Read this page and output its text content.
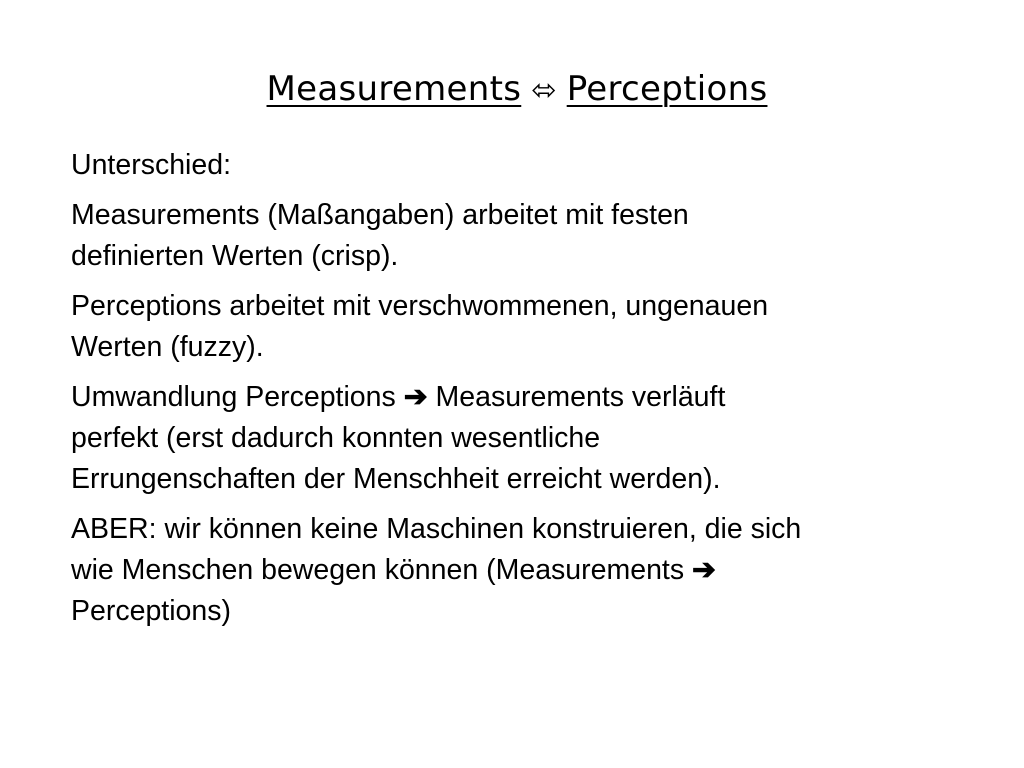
Measurements ⬄ Perceptions

Unterschied:

Measurements (Maßangaben) arbeitet mit festen
definierten Werten (crisp).

Perceptions arbeitet mit verschwommenen, ungenauen
Werten (fuzzy).

Umwandlung Perceptions ➔ Measurements verläuft
perfekt (erst dadurch konnten wesentliche
Errungenschaften der Menschheit erreicht werden).

ABER: wir können keine Maschinen konstruieren, die sich
wie Menschen bewegen können (Measurements ➔
Perceptions)
